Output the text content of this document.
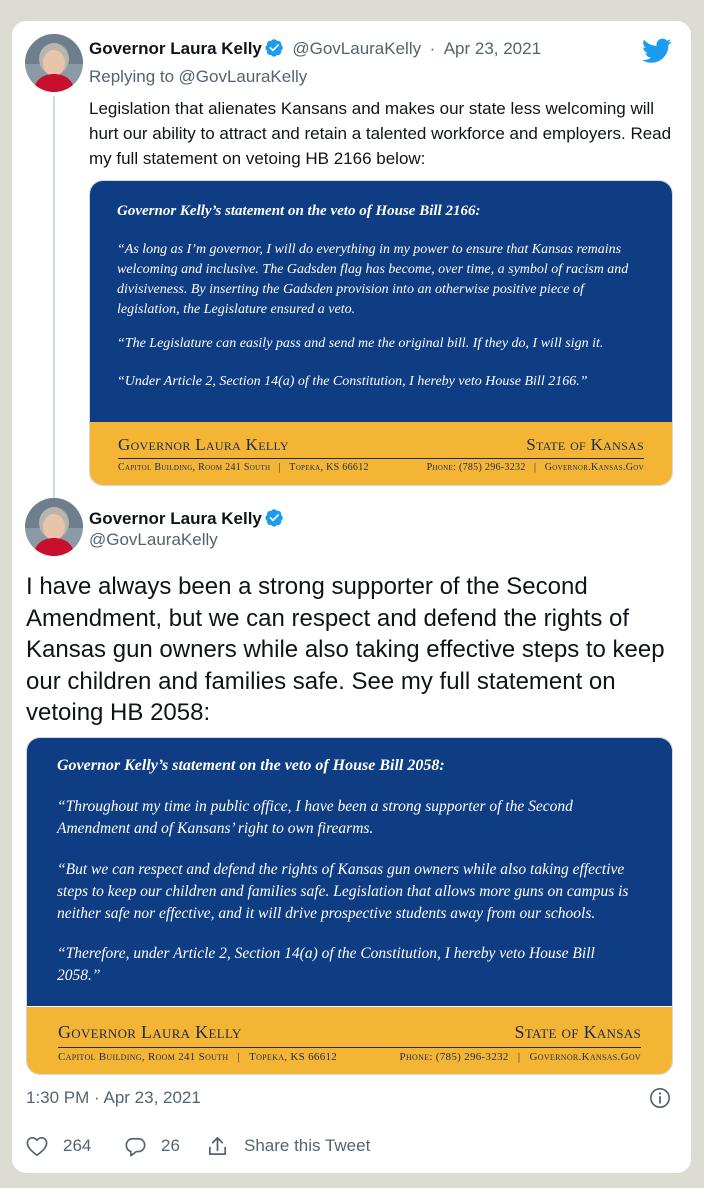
Governor Laura Kelly @GovLauraKelly · Apr 23, 2021
Replying to @GovLauraKelly
Legislation that alienates Kansans and makes our state less welcoming will hurt our ability to attract and retain a talented workforce and employers. Read my full statement on vetoing HB 2166 below:
Governor Kelly’s statement on the veto of House Bill 2166:
“As long as I’m governor, I will do everything in my power to ensure that Kansas remains welcoming and inclusive. The Gadsden flag has become, over time, a symbol of racism and divisiveness. By inserting the Gadsden provision into an otherwise positive piece of legislation, the Legislature ensured a veto.
“The Legislature can easily pass and send me the original bill. If they do, I will sign it.
“Under Article 2, Section 14(a) of the Constitution, I hereby veto House Bill 2166.”
Governor Laura Kelly	State of Kansas
Capitol Building, Room 241 South   |   Topeka, KS 66612	Phone: (785) 296-3232   |   Governor.Kansas.Gov
Governor Laura Kelly
@GovLauraKelly
I have always been a strong supporter of the Second Amendment, but we can respect and defend the rights of Kansas gun owners while also taking effective steps to keep our children and families safe. See my full statement on vetoing HB 2058:
Governor Kelly’s statement on the veto of House Bill 2058:
“Throughout my time in public office, I have been a strong supporter of the Second Amendment and of Kansans’ right to own firearms.
“But we can respect and defend the rights of Kansas gun owners while also taking effective steps to keep our children and families safe. Legislation that allows more guns on campus is neither safe nor effective, and it will drive prospective students away from our schools.
“Therefore, under Article 2, Section 14(a) of the Constitution, I hereby veto House Bill 2058.”
Governor Laura Kelly	State of Kansas
Capitol Building, Room 241 South   |   Topeka, KS 66612	Phone: (785) 296-3232   |   Governor.Kansas.Gov
1:30 PM · Apr 23, 2021
264	26	Share this Tweet
